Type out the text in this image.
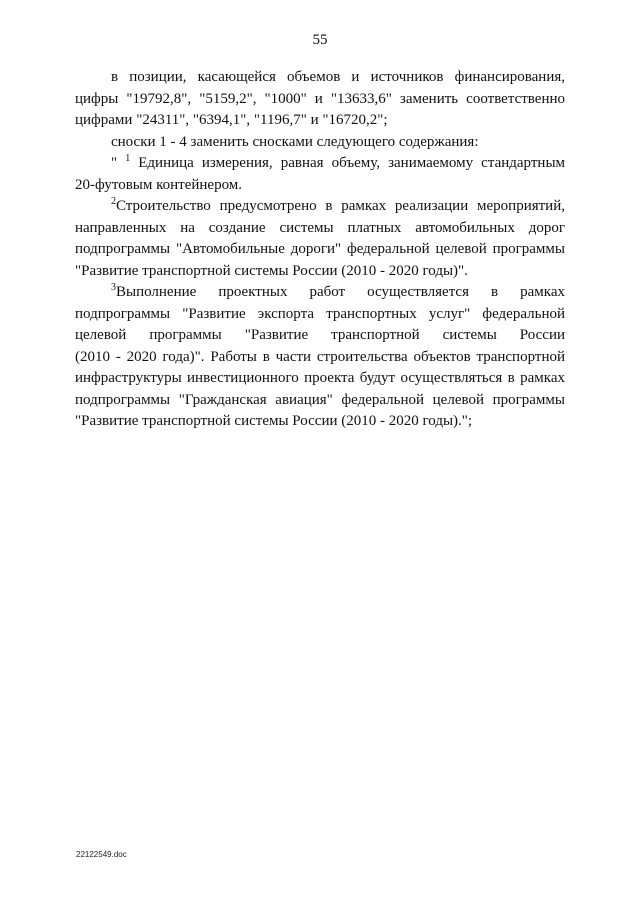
55
в позиции, касающейся объемов и источников финансирования,
цифры "19792,8", "5159,2", "1000" и "13633,6" заменить соответственно
цифрами "24311", "6394,1", "1196,7" и "16720,2";
сноски 1 - 4 заменить сносками следующего содержания:
" $^1$ Единица измерения, равная объему, занимаемому стандартным
20-футовым контейнером.
$^2$Строительство предусмотрено в рамках реализации мероприятий,
направленных на создание системы платных автомобильных дорог
подпрограммы "Автомобильные дороги" федеральной целевой программы
"Развитие транспортной системы России (2010 - 2020 годы)".
$^3$Выполнение проектных работ осуществляется в рамках
подпрограммы "Развитие экспорта транспортных услуг" федеральной
целевой программы "Развитие транспортной системы России
(2010 - 2020 года)". Работы в части строительства объектов транспортной
инфраструктуры инвестиционного проекта будут осуществляться в рамках
подпрограммы "Гражданская авиация" федеральной целевой программы
"Развитие транспортной системы России (2010 - 2020 годы).";
22122549.doc
